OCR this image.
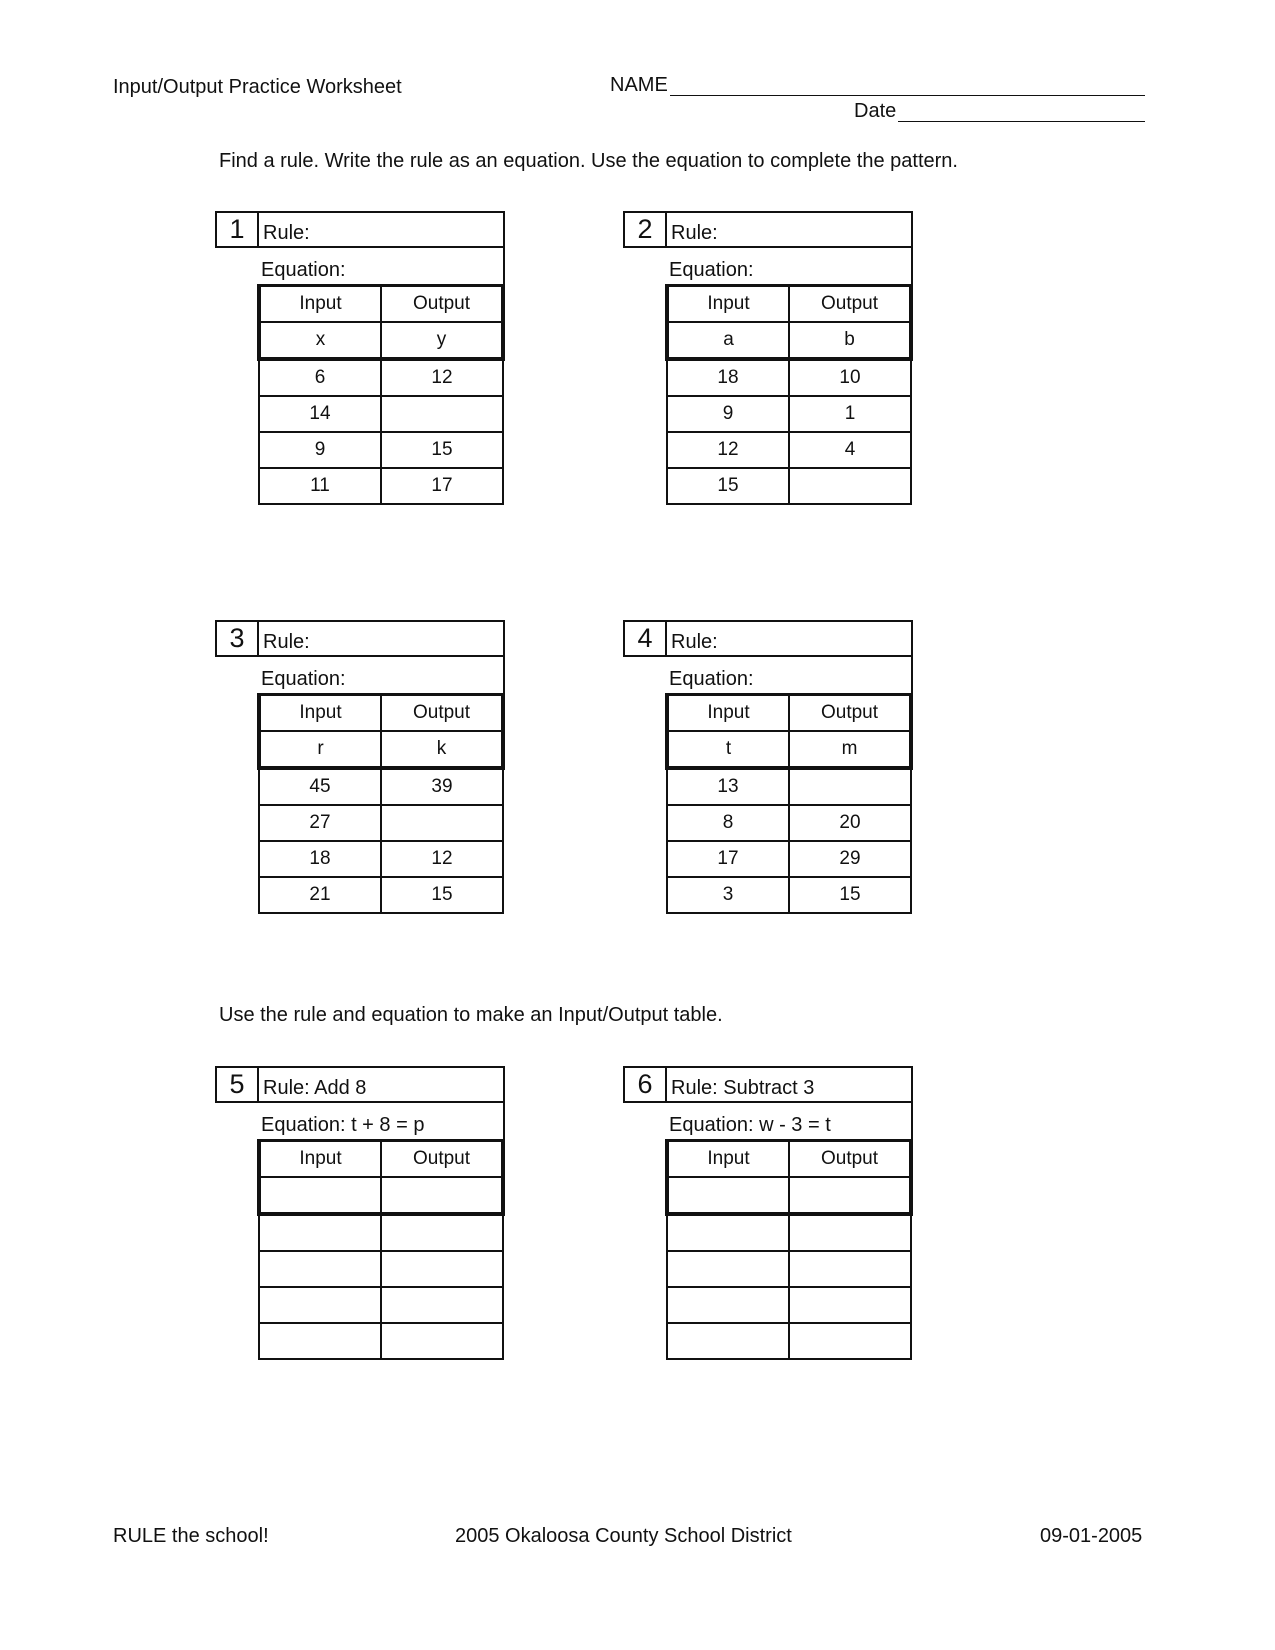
Input/Output Practice Worksheet	NAME
Date
Find a rule. Write the rule as an equation. Use the equation to complete the pattern.
1 Rule:
Equation:
Input	Output
x	y
6	12
14	
9	15
11	17
2 Rule:
Equation:
Input	Output
a	b
18	10
9	1
12	4
15	
3 Rule:
Equation:
Input	Output
r	k
45	39
27	
18	12
21	15
4 Rule:
Equation:
Input	Output
t	m
13	
8	20
17	29
3	15
Use the rule and equation to make an Input/Output table.
5 Rule: Add 8
Equation: t + 8 = p
Input	Output

6 Rule: Subtract 3
Equation: w - 3 = t
Input	Output

RULE the school!	2005 Okaloosa County School District	09-01-2005
